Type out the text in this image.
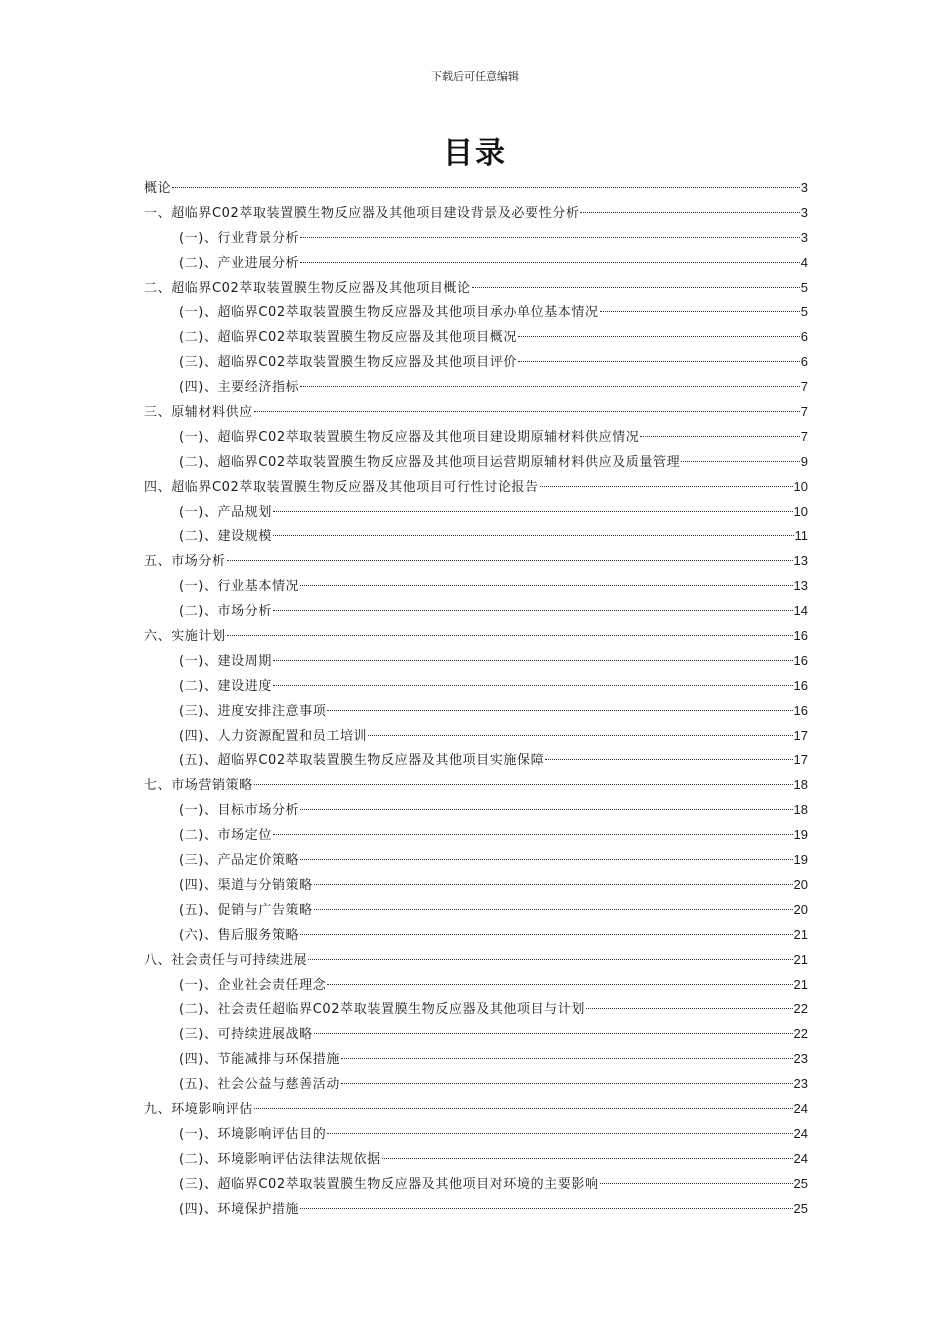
下载后可任意编辑
目录
概论	3
一、超临界C02萃取装置膜生物反应器及其他项目建设背景及必要性分析	3
(一)、行业背景分析	3
(二)、产业进展分析	4
二、超临界C02萃取装置膜生物反应器及其他项目概论	5
(一)、超临界C02萃取装置膜生物反应器及其他项目承办单位基本情况	5
(二)、超临界C02萃取装置膜生物反应器及其他项目概况	6
(三)、超临界C02萃取装置膜生物反应器及其他项目评价	6
(四)、主要经济指标	7
三、原辅材料供应	7
(一)、超临界C02萃取装置膜生物反应器及其他项目建设期原辅材料供应情况	7
(二)、超临界C02萃取装置膜生物反应器及其他项目运营期原辅材料供应及质量管理	9
四、超临界C02萃取装置膜生物反应器及其他项目可行性讨论报告	10
(一)、产品规划	10
(二)、建设规模	11
五、市场分析	13
(一)、行业基本情况	13
(二)、市场分析	14
六、实施计划	16
(一)、建设周期	16
(二)、建设进度	16
(三)、进度安排注意事项	16
(四)、人力资源配置和员工培训	17
(五)、超临界C02萃取装置膜生物反应器及其他项目实施保障	17
七、市场营销策略	18
(一)、目标市场分析	18
(二)、市场定位	19
(三)、产品定价策略	19
(四)、渠道与分销策略	20
(五)、促销与广告策略	20
(六)、售后服务策略	21
八、社会责任与可持续进展	21
(一)、企业社会责任理念	21
(二)、社会责任超临界C02萃取装置膜生物反应器及其他项目与计划	22
(三)、可持续进展战略	22
(四)、节能减排与环保措施	23
(五)、社会公益与慈善活动	23
九、环境影响评估	24
(一)、环境影响评估目的	24
(二)、环境影响评估法律法规依据	24
(三)、超临界C02萃取装置膜生物反应器及其他项目对环境的主要影响	25
(四)、环境保护措施	25
